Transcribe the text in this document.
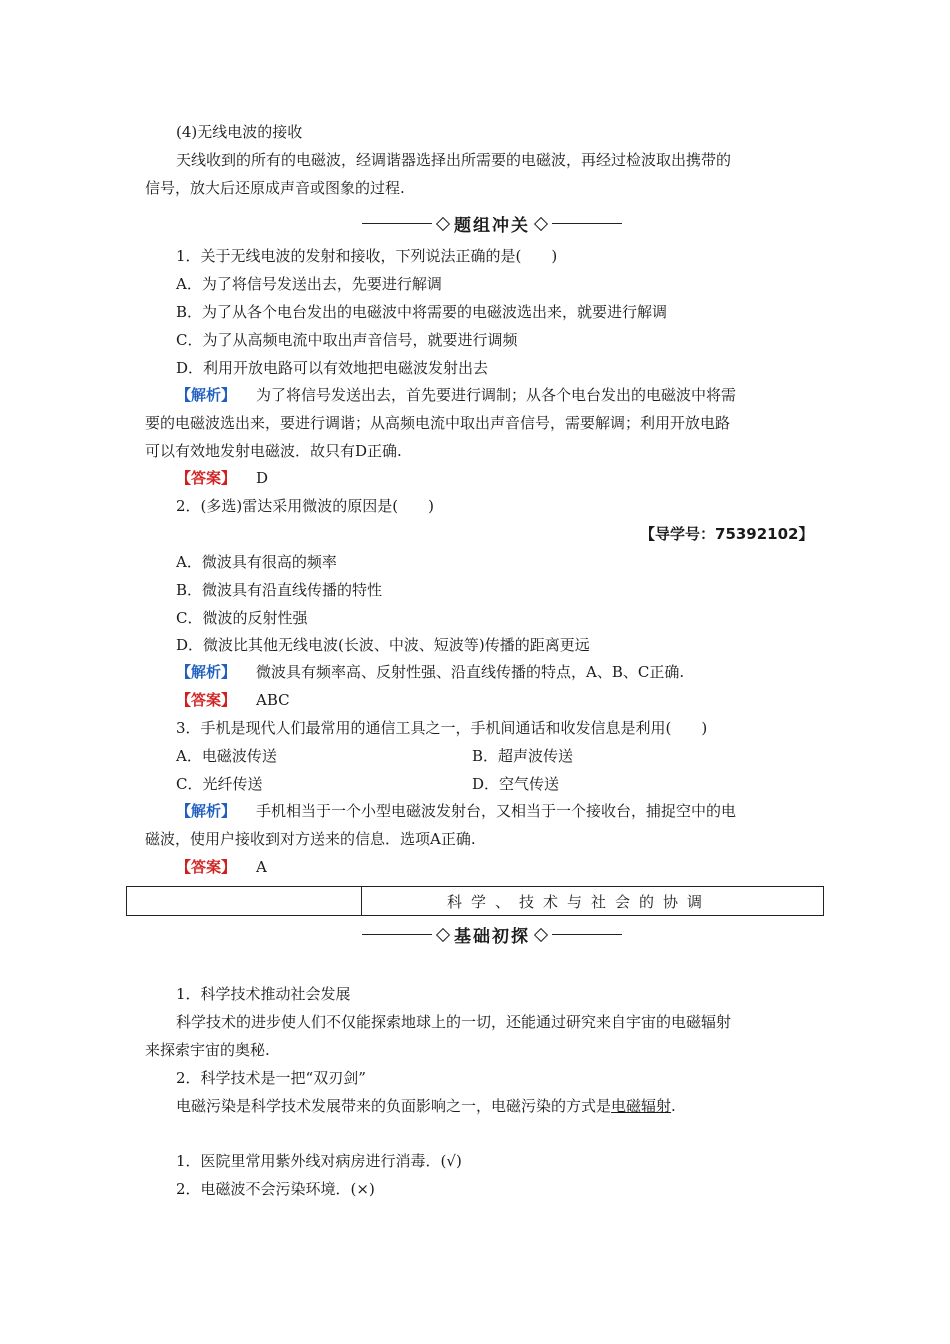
(4)无线电波的接收
天线收到的所有的电磁波，经调谐器选择出所需要的电磁波，再经过检波取出携带的
信号，放大后还原成声音或图象的过程.
题组冲关
1．关于无线电波的发射和接收，下列说法正确的是(　　)
A．为了将信号发送出去，先要进行解调
B．为了从各个电台发出的电磁波中将需要的电磁波选出来，就要进行解调
C．为了从高频电流中取出声音信号，就要进行调频
D．利用开放电路可以有效地把电磁波发射出去
【解析】 为了将信号发送出去，首先要进行调制；从各个电台发出的电磁波中将需
要的电磁波选出来，要进行调谐；从高频电流中取出声音信号，需要解调；利用开放电路
可以有效地发射电磁波．故只有D正确.
【答案】 D
2．(多选)雷达采用微波的原因是(　　)
【导学号：75392102】
A．微波具有很高的频率
B．微波具有沿直线传播的特性
C．微波的反射性强
D．微波比其他无线电波(长波、中波、短波等)传播的距离更远
【解析】 微波具有频率高、反射性强、沿直线传播的特点，A、B、C正确.
【答案】 ABC
3．手机是现代人们最常用的通信工具之一，手机间通话和收发信息是利用(　　)
A．电磁波传送	B．超声波传送
C．光纤传送	D．空气传送
【解析】 手机相当于一个小型电磁波发射台，又相当于一个接收台，捕捉空中的电
磁波，使用户接收到对方送来的信息．选项A正确.
【答案】 A
科学、技术与社会的协调
基础初探
1．科学技术推动社会发展
科学技术的进步使人们不仅能探索地球上的一切，还能通过研究来自宇宙的电磁辐射
来探索宇宙的奥秘.
2．科学技术是一把“双刃剑”
电磁污染是科学技术发展带来的负面影响之一，电磁污染的方式是电磁辐射.
1．医院里常用紫外线对病房进行消毒．(√)
2．电磁波不会污染环境．(×)
